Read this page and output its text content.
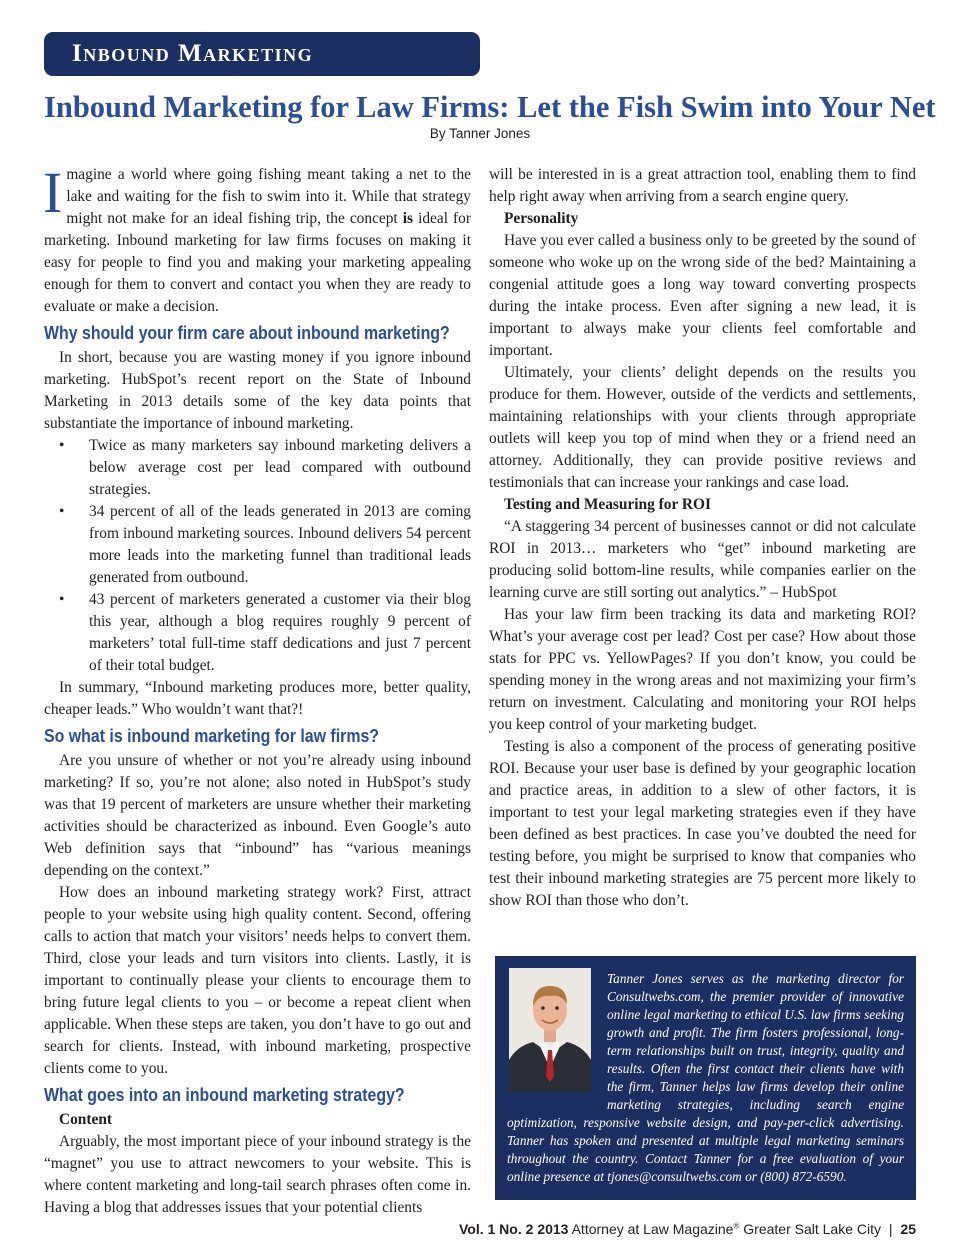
Inbound Marketing
Inbound Marketing for Law Firms: Let the Fish Swim into Your Net
By Tanner Jones

Imagine a world where going fishing meant taking a net to the lake and waiting for the fish to swim into it. While that strategy might not make for an ideal fishing trip, the concept is ideal for marketing. Inbound marketing for law firms focuses on making it easy for people to find you and making your marketing appealing enough for them to convert and contact you when they are ready to evaluate or make a decision.

Why should your firm care about inbound marketing?

In short, because you are wasting money if you ignore inbound marketing. HubSpot’s recent report on the State of Inbound Marketing in 2013 details some of the key data points that substantiate the importance of inbound marketing.

• Twice as many marketers say inbound marketing delivers a below average cost per lead compared with outbound strategies.
• 34 percent of all of the leads generated in 2013 are coming from inbound marketing sources. Inbound delivers 54 percent more leads into the marketing funnel than traditional leads generated from outbound.
• 43 percent of marketers generated a customer via their blog this year, although a blog requires roughly 9 percent of marketers’ total full-time staff dedications and just 7 percent of their total budget.

In summary, “Inbound marketing produces more, better quality, cheaper leads.” Who wouldn’t want that?!

So what is inbound marketing for law firms?

Are you unsure of whether or not you’re already using inbound marketing? If so, you’re not alone; also noted in HubSpot’s study was that 19 percent of marketers are unsure whether their marketing activities should be characterized as inbound. Even Google’s auto Web definition says that “inbound” has “various meanings depending on the context.”

How does an inbound marketing strategy work? First, attract people to your website using high quality content. Second, offering calls to action that match your visitors’ needs helps to convert them. Third, close your leads and turn visitors into clients. Lastly, it is important to continually please your clients to encourage them to bring future legal clients to you – or become a repeat client when applicable. When these steps are taken, you don’t have to go out and search for clients. Instead, with inbound marketing, prospective clients come to you.

What goes into an inbound marketing strategy?
Content

Arguably, the most important piece of your inbound strategy is the “magnet” you use to attract newcomers to your website. This is where content marketing and long-tail search phrases often come in. Having a blog that addresses issues that your potential clients

will be interested in is a great attraction tool, enabling them to find help right away when arriving from a search engine query.

Personality

Have you ever called a business only to be greeted by the sound of someone who woke up on the wrong side of the bed? Maintaining a congenial attitude goes a long way toward converting prospects during the intake process. Even after signing a new lead, it is important to always make your clients feel comfortable and important.

Ultimately, your clients’ delight depends on the results you produce for them. However, outside of the verdicts and settlements, maintaining relationships with your clients through appropriate outlets will keep you top of mind when they or a friend need an attorney. Additionally, they can provide positive reviews and testimonials that can increase your rankings and case load.

Testing and Measuring for ROI

“A staggering 34 percent of businesses cannot or did not calculate ROI in 2013… marketers who “get” inbound marketing are producing solid bottom-line results, while companies earlier on the learning curve are still sorting out analytics.” – HubSpot

Has your law firm been tracking its data and marketing ROI? What’s your average cost per lead? Cost per case? How about those stats for PPC vs. YellowPages? If you don’t know, you could be spending money in the wrong areas and not maximizing your firm’s return on investment. Calculating and monitoring your ROI helps you keep control of your marketing budget.

Testing is also a component of the process of generating positive ROI. Because your user base is defined by your geographic location and practice areas, in addition to a slew of other factors, it is important to test your legal marketing strategies even if they have been defined as best practices. In case you’ve doubted the need for testing before, you might be surprised to know that companies who test their inbound marketing strategies are 75 percent more likely to show ROI than those who don’t.

Tanner Jones serves as the marketing director for Consultwebs.com, the premier provider of innovative online legal marketing to ethical U.S. law firms seeking growth and profit. The firm fosters professional, long-term relationships built on trust, integrity, quality and results. Often the first contact their clients have with the firm, Tanner helps law firms develop their online marketing strategies, including search engine optimization, responsive website design, and pay-per-click advertising. Tanner has spoken and presented at multiple legal marketing seminars throughout the country. Contact Tanner for a free evaluation of your online presence at tjones@consultwebs.com or (800) 872-6590.
Vol. 1 No. 2 2013 Attorney at Law Magazine® Greater Salt Lake City | 25
